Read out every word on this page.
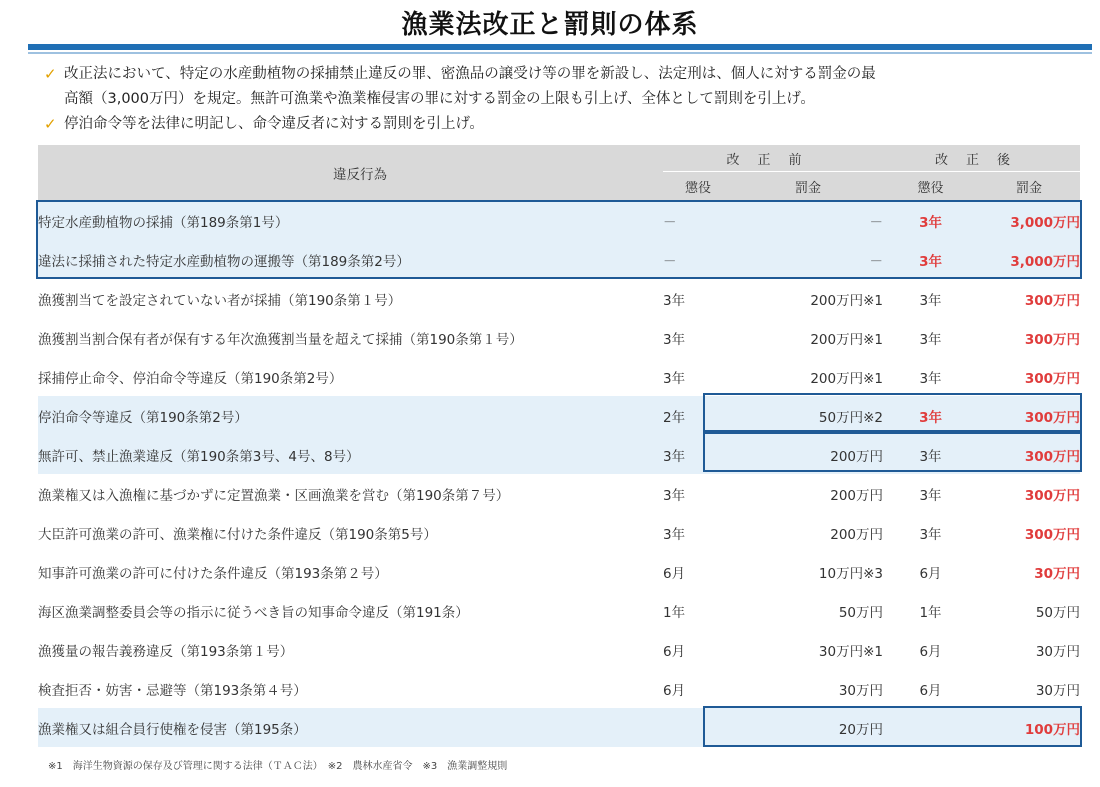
漁業法改正と罰則の体系
✓ 改正法において、特定の水産動植物の採捕禁止違反の罪、密漁品の譲受け等の罪を新設し、法定刑は、個人に対する罰金の最
高額（3,000万円）を規定。無許可漁業や漁業権侵害の罪に対する罰金の上限も引上げ、全体として罰則を引上げ。
✓ 停泊命令等を法律に明記し、命令違反者に対する罰則を引上げ。
違反行為	改正前		改正後	
	懲役	罰金	懲役	罰金
特定水産動植物の採捕（第189条第1号）	－	－	3年	3,000万円
違法に採捕された特定水産動植物の運搬等（第189条第2号）	－	－	3年	3,000万円
漁獲割当てを設定されていない者が採捕（第190条第１号）	3年	200万円※1	3年	300万円
漁獲割当割合保有者が保有する年次漁獲割当量を超えて採捕（第190条第１号）	3年	200万円※1	3年	300万円
採捕停止命令、停泊命令等違反（第190条第2号）	3年	200万円※1	3年	300万円
停泊命令等違反（第190条第2号）	2年	50万円※2	3年	300万円
無許可、禁止漁業違反（第190条第3号、4号、8号）	3年	200万円	3年	300万円
漁業権又は入漁権に基づかずに定置漁業・区画漁業を営む（第190条第７号）	3年	200万円	3年	300万円
大臣許可漁業の許可、漁業権に付けた条件違反（第190条第5号）	3年	200万円	3年	300万円
知事許可漁業の許可に付けた条件違反（第193条第２号）	6月	10万円※3	6月	30万円
海区漁業調整委員会等の指示に従うべき旨の知事命令違反（第191条）	1年	50万円	1年	50万円
漁獲量の報告義務違反（第193条第１号）	6月	30万円※1	6月	30万円
検査拒否・妨害・忌避等（第193条第４号）	6月	30万円	6月	30万円
漁業権又は組合員行使権を侵害（第195条）		20万円		100万円
※1　海洋生物資源の保存及び管理に関する法律（ＴＡＣ法）　※2　農林水産省令　※3　漁業調整規則
